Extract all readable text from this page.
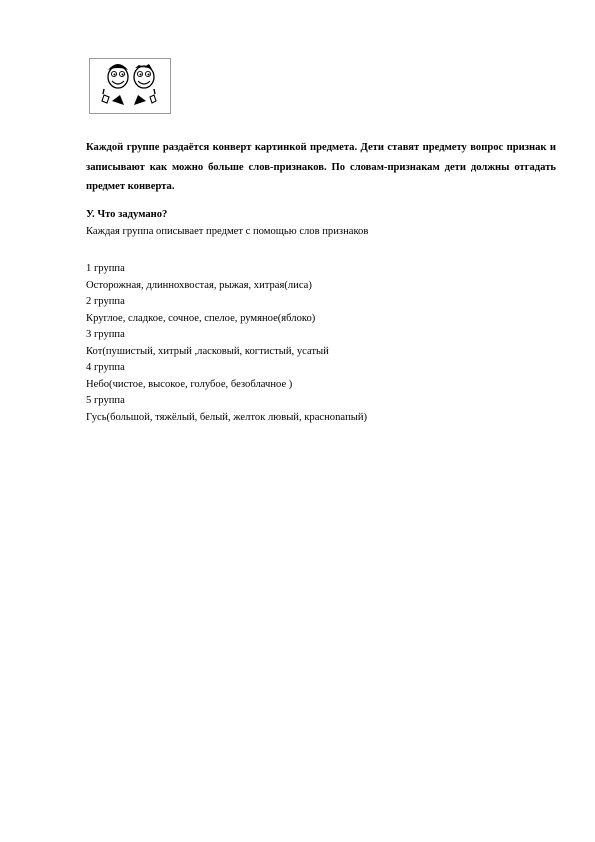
Каждой группе раздаётся конверт картинкой предмета. Дети ставят предмету вопрос признак и записывают как можно больше слов-признаков. По словам-признакам дети должны отгадать предмет конверта.

У. Что задумано?
Каждая группа описывает предмет с помощью слов признаков
1 группа
Осторожная, длиннохвостая, рыжая, хитрая(лиса)
2 группа
Круглое, сладкое, сочное, спелое, румяное(яблоко)
3 группа
Кот(пушистый, хитрый ,ласковый, когтистый, усатый
4 группа
Небо(чистое, высокое, голубое, безоблачное )
5 группа
Гусь(большой, тяжёлый, белый, желток лювый, красноnaпый)
